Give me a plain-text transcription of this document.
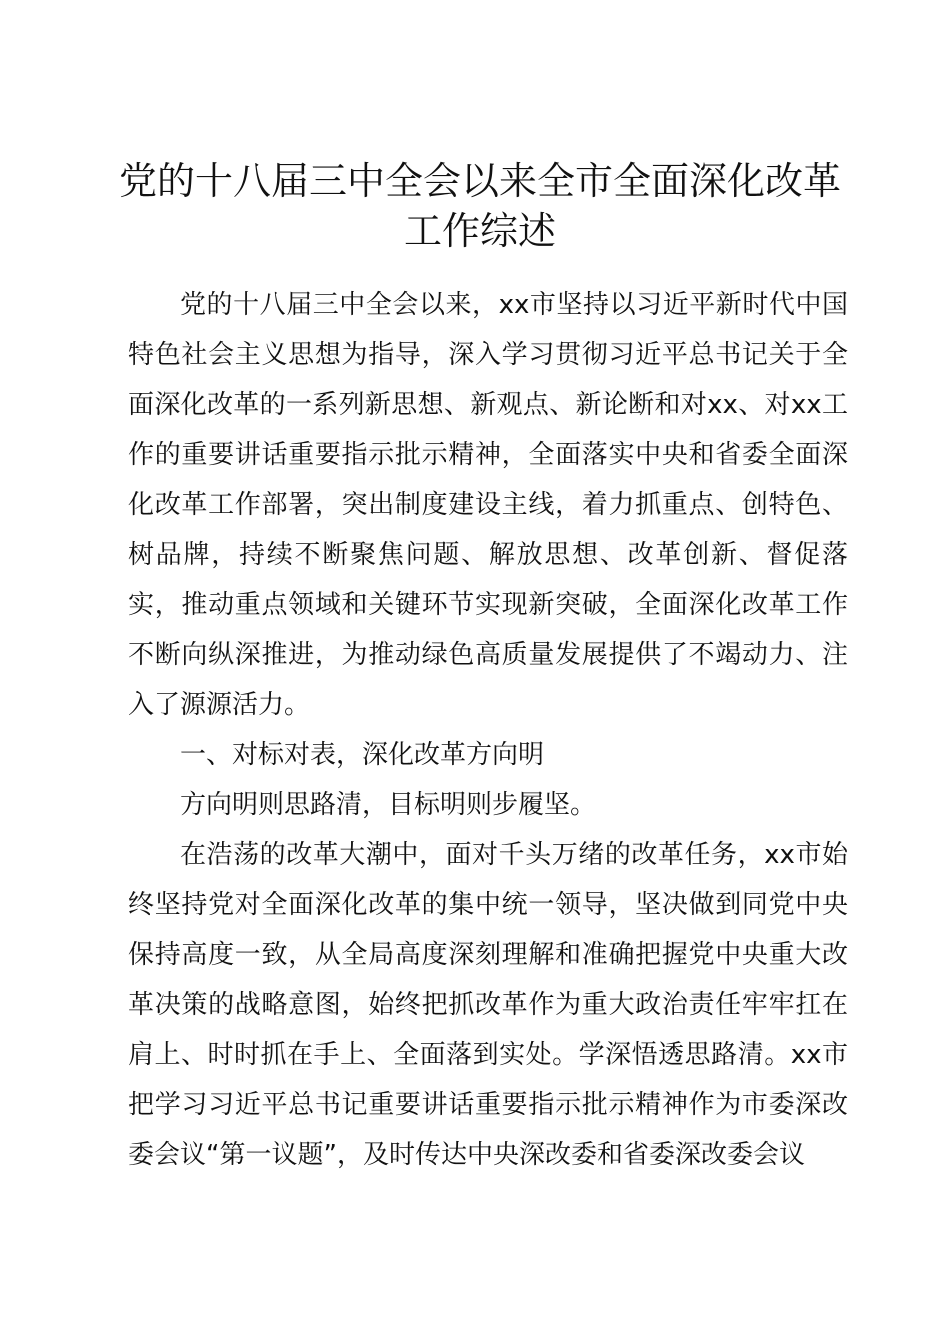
党的十八届三中全会以来全市全面深化改革工作综述

党的十八届三中全会以来，xx市坚持以习近平新时代中国特色社会主义思想为指导，深入学习贯彻习近平总书记关于全面深化改革的一系列新思想、新观点、新论断和对xx、对xx工作的重要讲话重要指示批示精神，全面落实中央和省委全面深化改革工作部署，突出制度建设主线，着力抓重点、创特色、树品牌，持续不断聚焦问题、解放思想、改革创新、督促落实，推动重点领域和关键环节实现新突破，全面深化改革工作不断向纵深推进，为推动绿色高质量发展提供了不竭动力、注入了源源活力。

一、对标对表，深化改革方向明

方向明则思路清，目标明则步履坚。

在浩荡的改革大潮中，面对千头万绪的改革任务，xx市始终坚持党对全面深化改革的集中统一领导，坚决做到同党中央保持高度一致，从全局高度深刻理解和准确把握党中央重大改革决策的战略意图，始终把抓改革作为重大政治责任牢牢扛在肩上、时时抓在手上、全面落到实处。学深悟透思路清。xx市把学习习近平总书记重要讲话重要指示批示精神作为市委深改委会议“第一议题”，及时传达中央深改委和省委深改委会议
